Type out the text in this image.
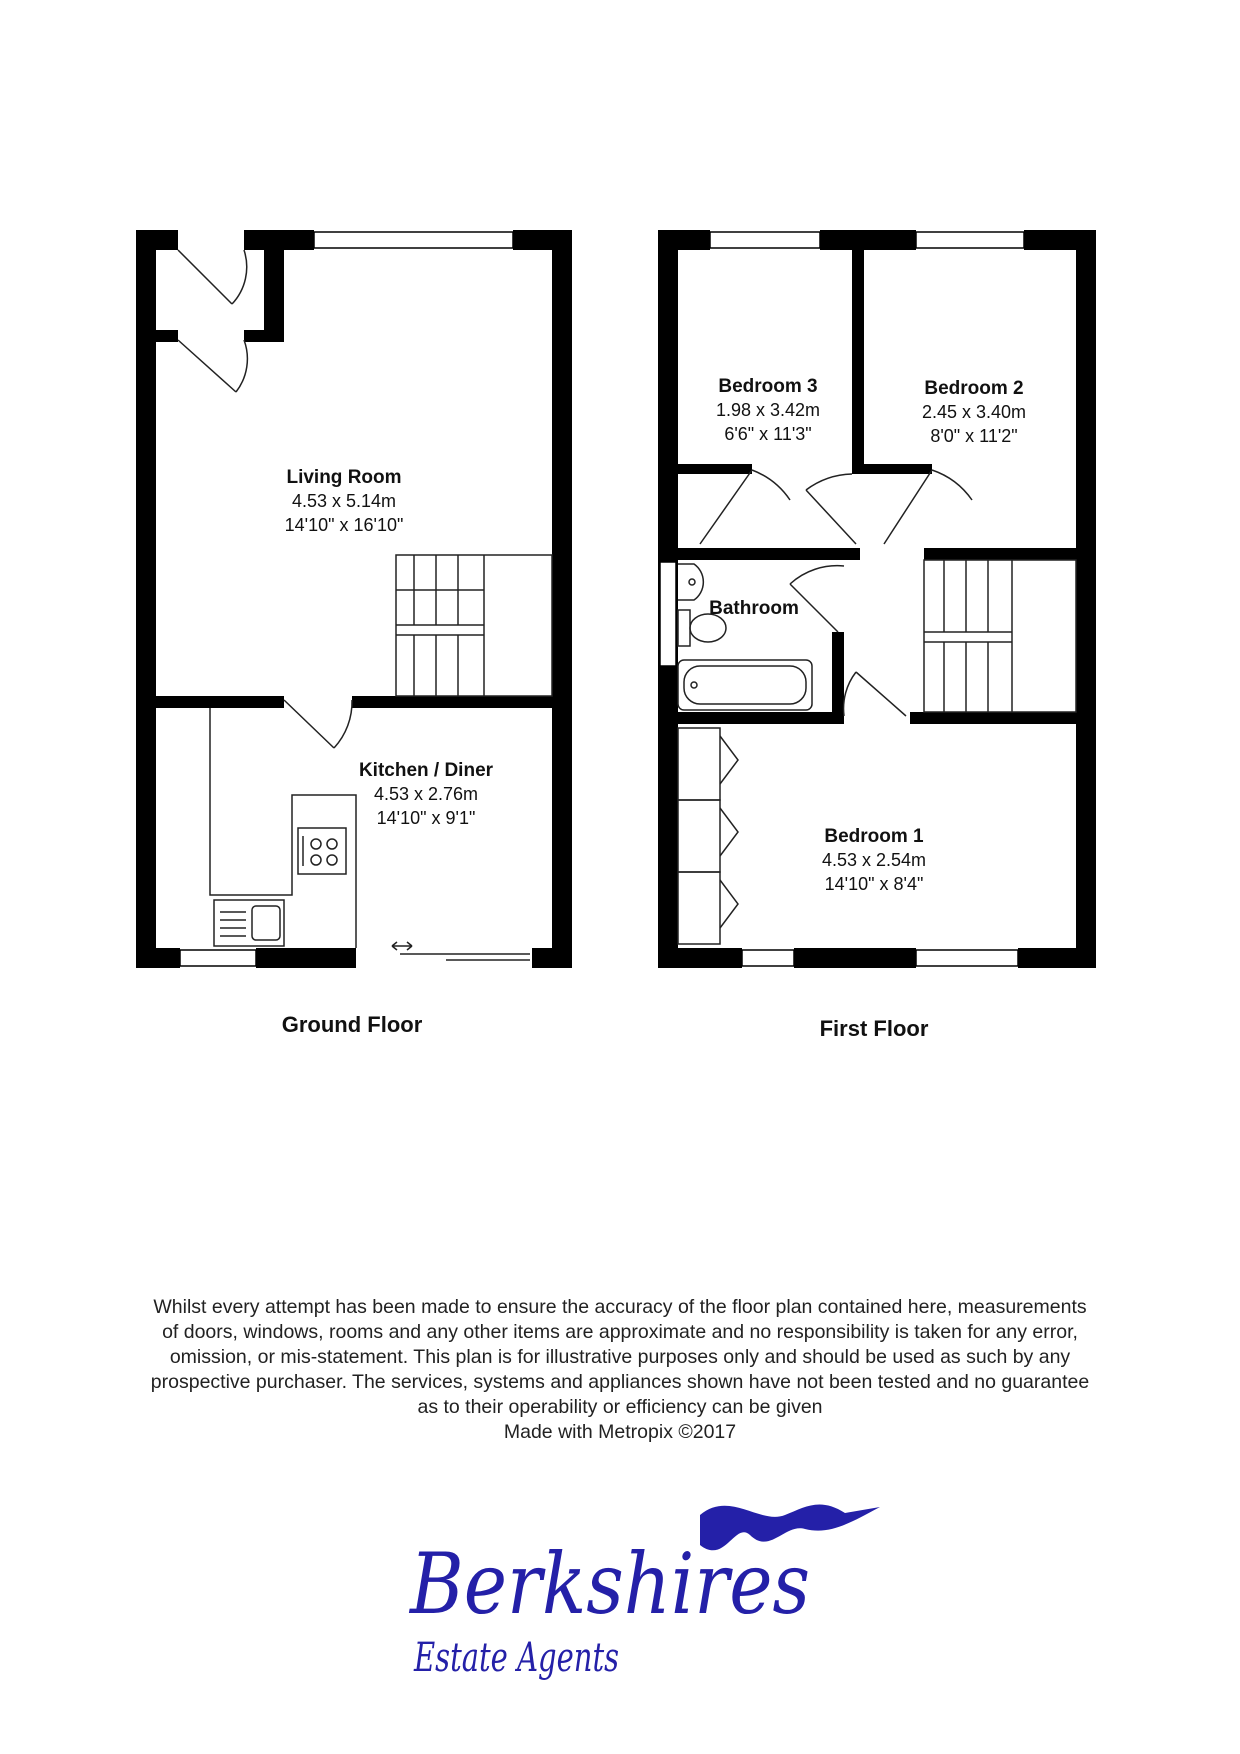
Living Room
4.53 x 5.14m
14'10" x 16'10"
Kitchen / Diner
4.53 x 2.76m
14'10" x 9'1"
Ground Floor
Bedroom 3
1.98 x 3.42m
6'6" x 11'3"
Bedroom 2
2.45 x 3.40m
8'0" x 11'2"
Bathroom
Bedroom 1
4.53 x 2.54m
14'10" x 8'4"
First Floor

Whilst every attempt has been made to ensure the accuracy of the floor plan contained here, measurements

of doors, windows, rooms and any other items are approximate and no responsibility is taken for any error,

omission, or mis-statement. This plan is for illustrative purposes only and should be used as such by any

prospective purchaser. The services, systems and appliances shown have not been tested and no guarantee

as to their operability or efficiency can be given

Made with Metropix ©2017

Berkshires
Estate Agents
